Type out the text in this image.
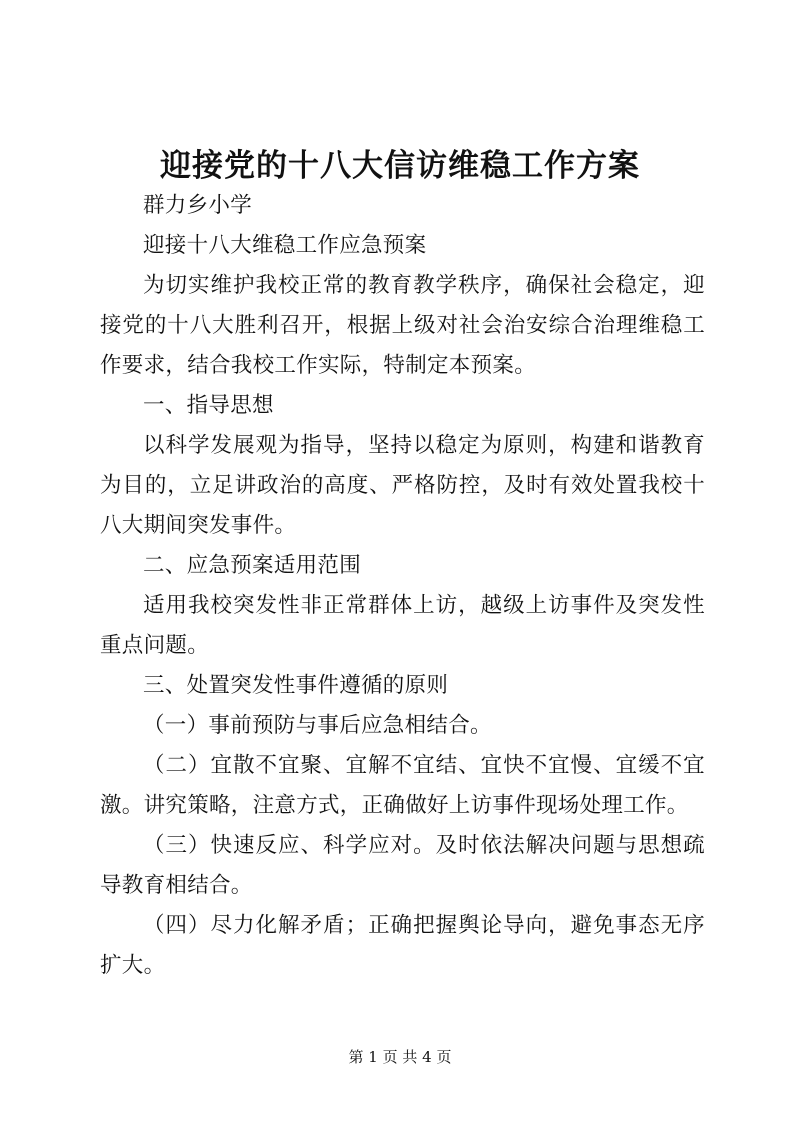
迎接党的十八大信访维稳工作方案

群力乡小学

迎接十八大维稳工作应急预案

为切实维护我校正常的教育教学秩序，确保社会稳定，迎接党的十八大胜利召开，根据上级对社会治安综合治理维稳工作要求，结合我校工作实际，特制定本预案。

一、指导思想

以科学发展观为指导，坚持以稳定为原则，构建和谐教育为目的，立足讲政治的高度、严格防控，及时有效处置我校十八大期间突发事件。

二、应急预案适用范围

适用我校突发性非正常群体上访，越级上访事件及突发性重点问题。

三、处置突发性事件遵循的原则

（一）事前预防与事后应急相结合。

（二）宜散不宜聚、宜解不宜结、宜快不宜慢、宜缓不宜激。讲究策略，注意方式，正确做好上访事件现场处理工作。

（三）快速反应、科学应对。及时依法解决问题与思想疏导教育相结合。

（四）尽力化解矛盾；正确把握舆论导向，避免事态无序扩大。

第 1 页 共 4 页
